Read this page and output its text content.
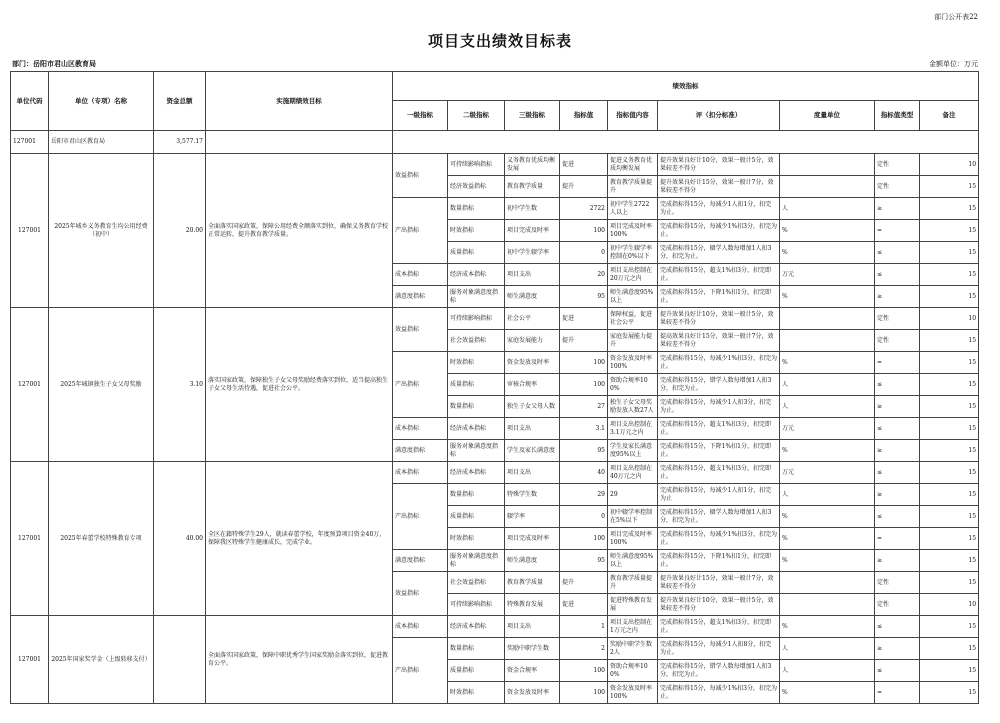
部门公开表22
项目支出绩效目标表
部门：岳阳市君山区教育局	金额单位：万元
单位代码	单位（专项）名称	资金总额	实施期绩效目标	绩效指标								
				一级指标	二级指标	三级指标	指标值	指标值内容	评（扣分标准）	度量单位	指标值类型	备注
127001	岳阳市君山区教育局	3,577.17										
127001	2025年城乡义务教育生均公用经费（初中）	20.00	全面落实国家政策，保障公用经费全额落实到位，确保义务教育学校正常运转，提升教育教学质量。	效益指标	可持续影响指标	义务教育优质均衡发展	促进	促进义务教育优质均衡发展	提升效果良好计10分，效果一般计5分，效果较差不得分		定性	10
					经济效益指标	教育教学质量	提升	教育教学质量提升	提升效果良好计15分，效果一般计7分，效果较差不得分		定性	15
				产出指标	数量指标	初中学生数	2722	初中学生2722人以上	完成指标得15分，每减少1人扣1分，扣完为止。	人	≥	15
					时效指标	项目完成及时率	100	项目完成及时率100%	完成指标得15分，每减少1%扣3分，扣完为止。	%	=	15
					质量指标	初中学生辍学率	0	初中学生辍学率控制在0%以下	完成指标得15分，辍学人数每增加1人扣3分，扣完为止。	%	≤	15
				成本指标	经济成本指标	项目支出	20	项目支出控制在20万元之内	完成指标得15分，超支1%扣3分，扣完即止。	万元	≤	15
				满意度指标	服务对象满意度指标	师生满意度	95	师生满意度95%以上	完成指标得15分，下降1%扣1分，扣完即止。	%	≥	15
127001	2025年城镇独生子女父母奖励	3.10	落实国家政策，保障独生子女父母奖励经费落实到位，适当提高独生子女父母生活待遇，促进社会公平。	效益指标	可持续影响指标	社会公平	促进	保障权益，促进社会公平	提升效果良好计10分，效果一般计5分，效果较差不得分		定性	10
					社会效益指标	家庭发展能力	提升	家庭发展能力提升	提高效果良好计15分，效果一般计7分，效果较差不得分		定性	15
				产出指标	时效指标	资金发放及时率	100	资金发放及时率100%	完成指标得15分，每减少1%扣3分，扣完为止。	%	=	15
					质量指标	审核合规率	100	资助合规率100%	完成指标得15分，错学人数每增加1人扣3分，扣完为止。	人	≤	15
					数量指标	独生子女父母人数	27	独生子女父母奖励发放人数27人	完成指标得15分，每减少1人扣3分，扣完为止。	人	≥	15
				成本指标	经济成本指标	项目支出	3.1	项目支出控制在3.1万元之内	完成指标得15分，超支1%扣3分，扣完即止。	万元	≤	15
				满意度指标	服务对象满意度指标	学生及家长满意度	95	学生及家长满意度95%以上	完成指标得15分，下降1%扣1分，扣完即止。	%	≥	15
127001	2025年春蕾学校特殊教育专项	40.00	全区在籍特殊学生29人，就读春蕾学校，年度预算项目资金40万，保障我区特殊学生健康成长，完成学业。	成本指标	经济成本指标	项目支出	40	项目支出控制在40万元之内	完成指标得15分，超支1%扣3分，扣完即止。	万元	≤	15
				产出指标	数量指标	特殊学生数	29	29	完成指标得15分，每减少1人扣1分，扣完为止	人	≥	15
					质量指标	辍学率	0	初中辍学率控制在5%以下	完成指标得15分，辍学人数每增加1人扣3分，扣完为止。	%	≤	15
					时效指标	项目完成及时率	100	项目完成及时率100%	完成指标得15分，每减少1%扣3分，扣完为止。	%	=	15
				满意度指标	服务对象满意度指标	师生满意度	95	师生满意度95%以上	完成指标得15分，下降1%扣1分，扣完即止。	%	≥	15
				效益指标	社会效益指标	教育教学质量	提升	教育教学质量提升	提升效果良好计15分，效果一般计7分，效果较差不得分		定性	15
					可持续影响指标	特殊教育发展	促进	促进特殊教育发展	提升效果良好计10分，效果一般计5分，效果较差不得分		定性	10
127001	2025年国家奖学金（上级转移支付）		全面落实国家政策，保障中职优秀学生国家奖励金落实到位，促进教育公平。	成本指标	经济成本指标	项目支出	1	项目支出控制在1万元之内	完成指标得15分，超支1%扣3分，扣完即止。	%	≤	15
				产出指标	数量指标	奖励中职学生数	2	奖励中职学生数2人	完成指标得15分，每减少1人扣8分，扣完为止。	人	≥	15
					质量指标	资金合规率	100	资助合规率100%	完成指标得15分，错学人数每增加1人扣3分，扣完为止。	人	≤	15
					时效指标	资金发放及时率	100	资金发放及时率100%	完成指标得15分，每减少1%扣3分，扣完为止。	%	=	15
